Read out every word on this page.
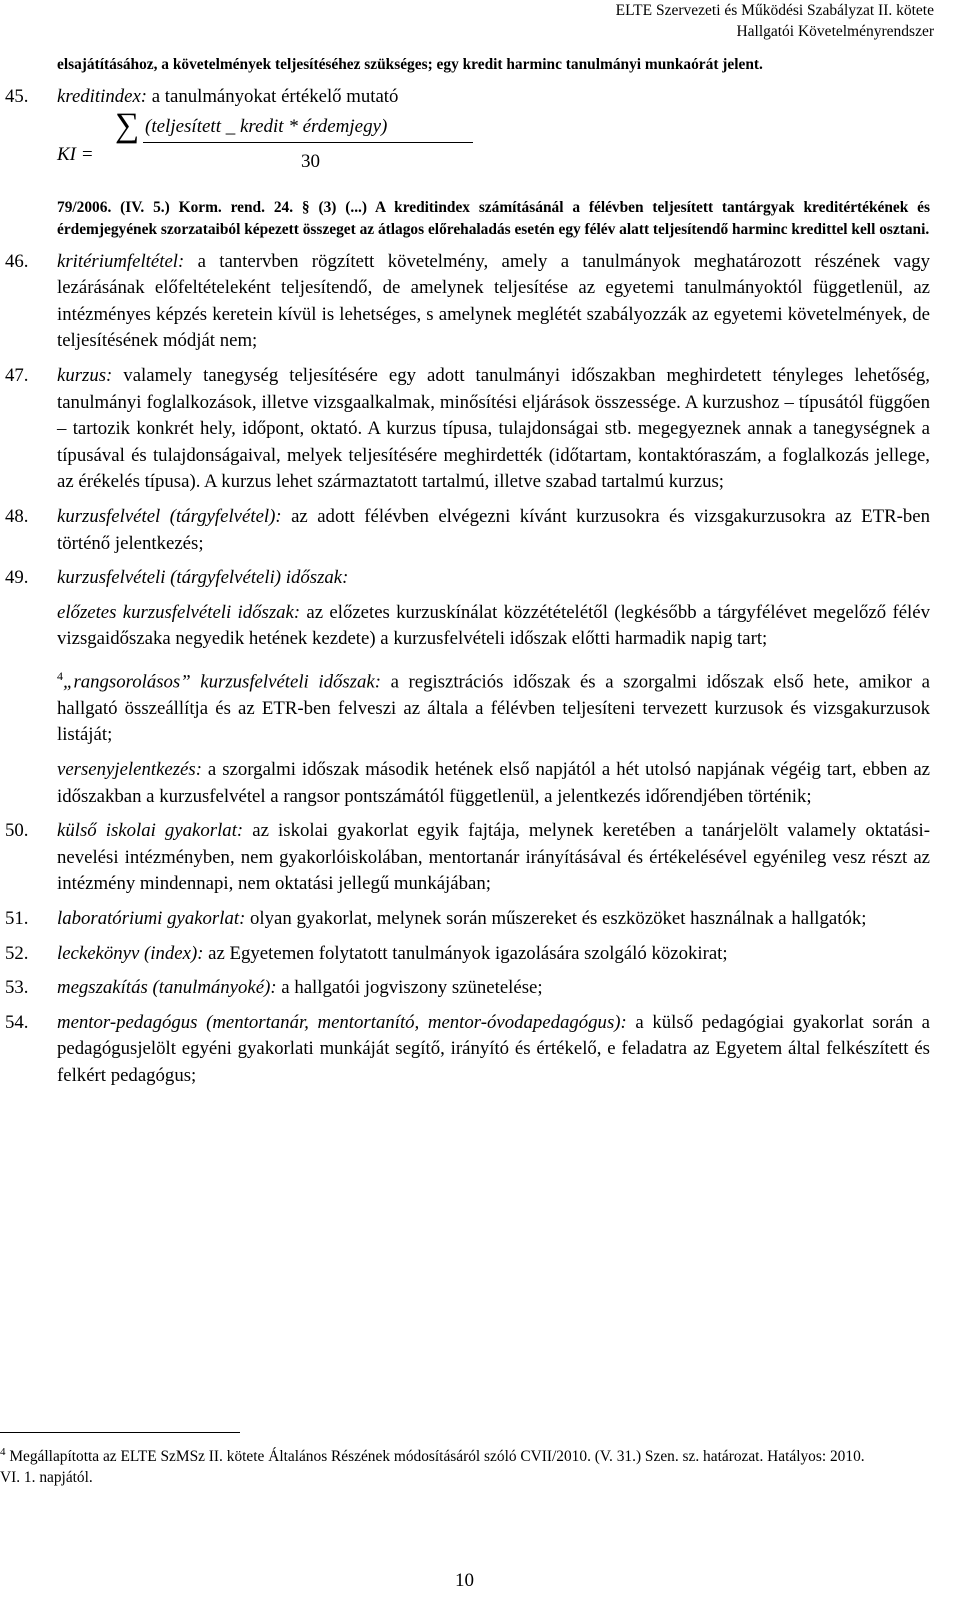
ELTE Szervezeti és Működési Szabályzat II. kötete
Hallgatói Követelményrendszer
elsajátításához, a követelmények teljesítéséhez szükséges; egy kredit harminc tanulmányi munkaórát jelent.
45. kreditindex: a tanulmányokat értékelő mutató
KI =
∑ (teljesített _ kredit * érdemjegy)
30
79/2006. (IV. 5.) Korm. rend. 24. § (3) (...) A kreditindex számításánál a félévben teljesített tantárgyak kreditértékének és érdemjegyének szorzataiból képezett összeget az átlagos előrehaladás esetén egy félév alatt teljesítendő harminc kredittel kell osztani.
46. kritériumfeltétel: a tantervben rögzített követelmény, amely a tanulmányok meghatározott részének vagy lezárásának előfeltételeként teljesítendő, de amelynek teljesítése az egyetemi tanulmányoktól függetlenül, az intézményes képzés keretein kívül is lehetséges, s amelynek meglétét szabályozzák az egyetemi követelmények, de teljesítésének módját nem;
47. kurzus: valamely tanegység teljesítésére egy adott tanulmányi időszakban meghirdetett tényleges lehetőség, tanulmányi foglalkozások, illetve vizsgaalkalmak, minősítési eljárások összessége. A kurzushoz – típusától függően – tartozik konkrét hely, időpont, oktató. A kurzus típusa, tulajdonságai stb. megegyeznek annak a tanegységnek a típusával és tulajdonságaival, melyek teljesítésére meghirdették (időtartam, kontaktóraszám, a foglalkozás jellege, az érékelés típusa). A kurzus lehet származtatott tartalmú, illetve szabad tartalmú kurzus;
48. kurzusfelvétel (tárgyfelvétel): az adott félévben elvégezni kívánt kurzusokra és vizsgakurzusokra az ETR-ben történő jelentkezés;
49. kurzusfelvételi (tárgyfelvételi) időszak:
előzetes kurzusfelvételi időszak: az előzetes kurzuskínálat közzétételétől (legkésőbb a tárgyfélévet megelőző félév vizsgaidőszaka negyedik hetének kezdete) a kurzusfelvételi időszak előtti harmadik napig tart;
$^4$„rangsorolásos” kurzusfelvételi időszak: a regisztrációs időszak és a szorgalmi időszak első hete, amikor a hallgató összeállítja és az ETR-ben felveszi az általa a félévben teljesíteni tervezett kurzusok és vizsgakurzusok listáját;
versenyjelentkezés: a szorgalmi időszak második hetének első napjától a hét utolsó napjának végéig tart, ebben az időszakban a kurzusfelvétel a rangsor pontszámától függetlenül, a jelentkezés időrendjében történik;
50. külső iskolai gyakorlat: az iskolai gyakorlat egyik fajtája, melynek keretében a tanárjelölt valamely oktatási-nevelési intézményben, nem gyakorlóiskolában, mentortanár irányításával és értékelésével egyénileg vesz részt az intézmény mindennapi, nem oktatási jellegű munkájában;
51. laboratóriumi gyakorlat: olyan gyakorlat, melynek során műszereket és eszközöket használnak a hallgatók;
52. leckekönyv (index): az Egyetemen folytatott tanulmányok igazolására szolgáló közokirat;
53. megszakítás (tanulmányoké): a hallgatói jogviszony szünetelése;
54. mentor-pedagógus (mentortanár, mentortanító, mentor-óvodapedagógus): a külső pedagógiai gyakorlat során a pedagógusjelölt egyéni gyakorlati munkáját segítő, irányító és értékelő, e feladatra az Egyetem által felkészített és felkért pedagógus;
$^4$ Megállapította az ELTE SzMSz II. kötete Általános Részének módosításáról szóló CVII/2010. (V. 31.) Szen. sz. határozat. Hatályos: 2010. VI. 1. napjától.
10
